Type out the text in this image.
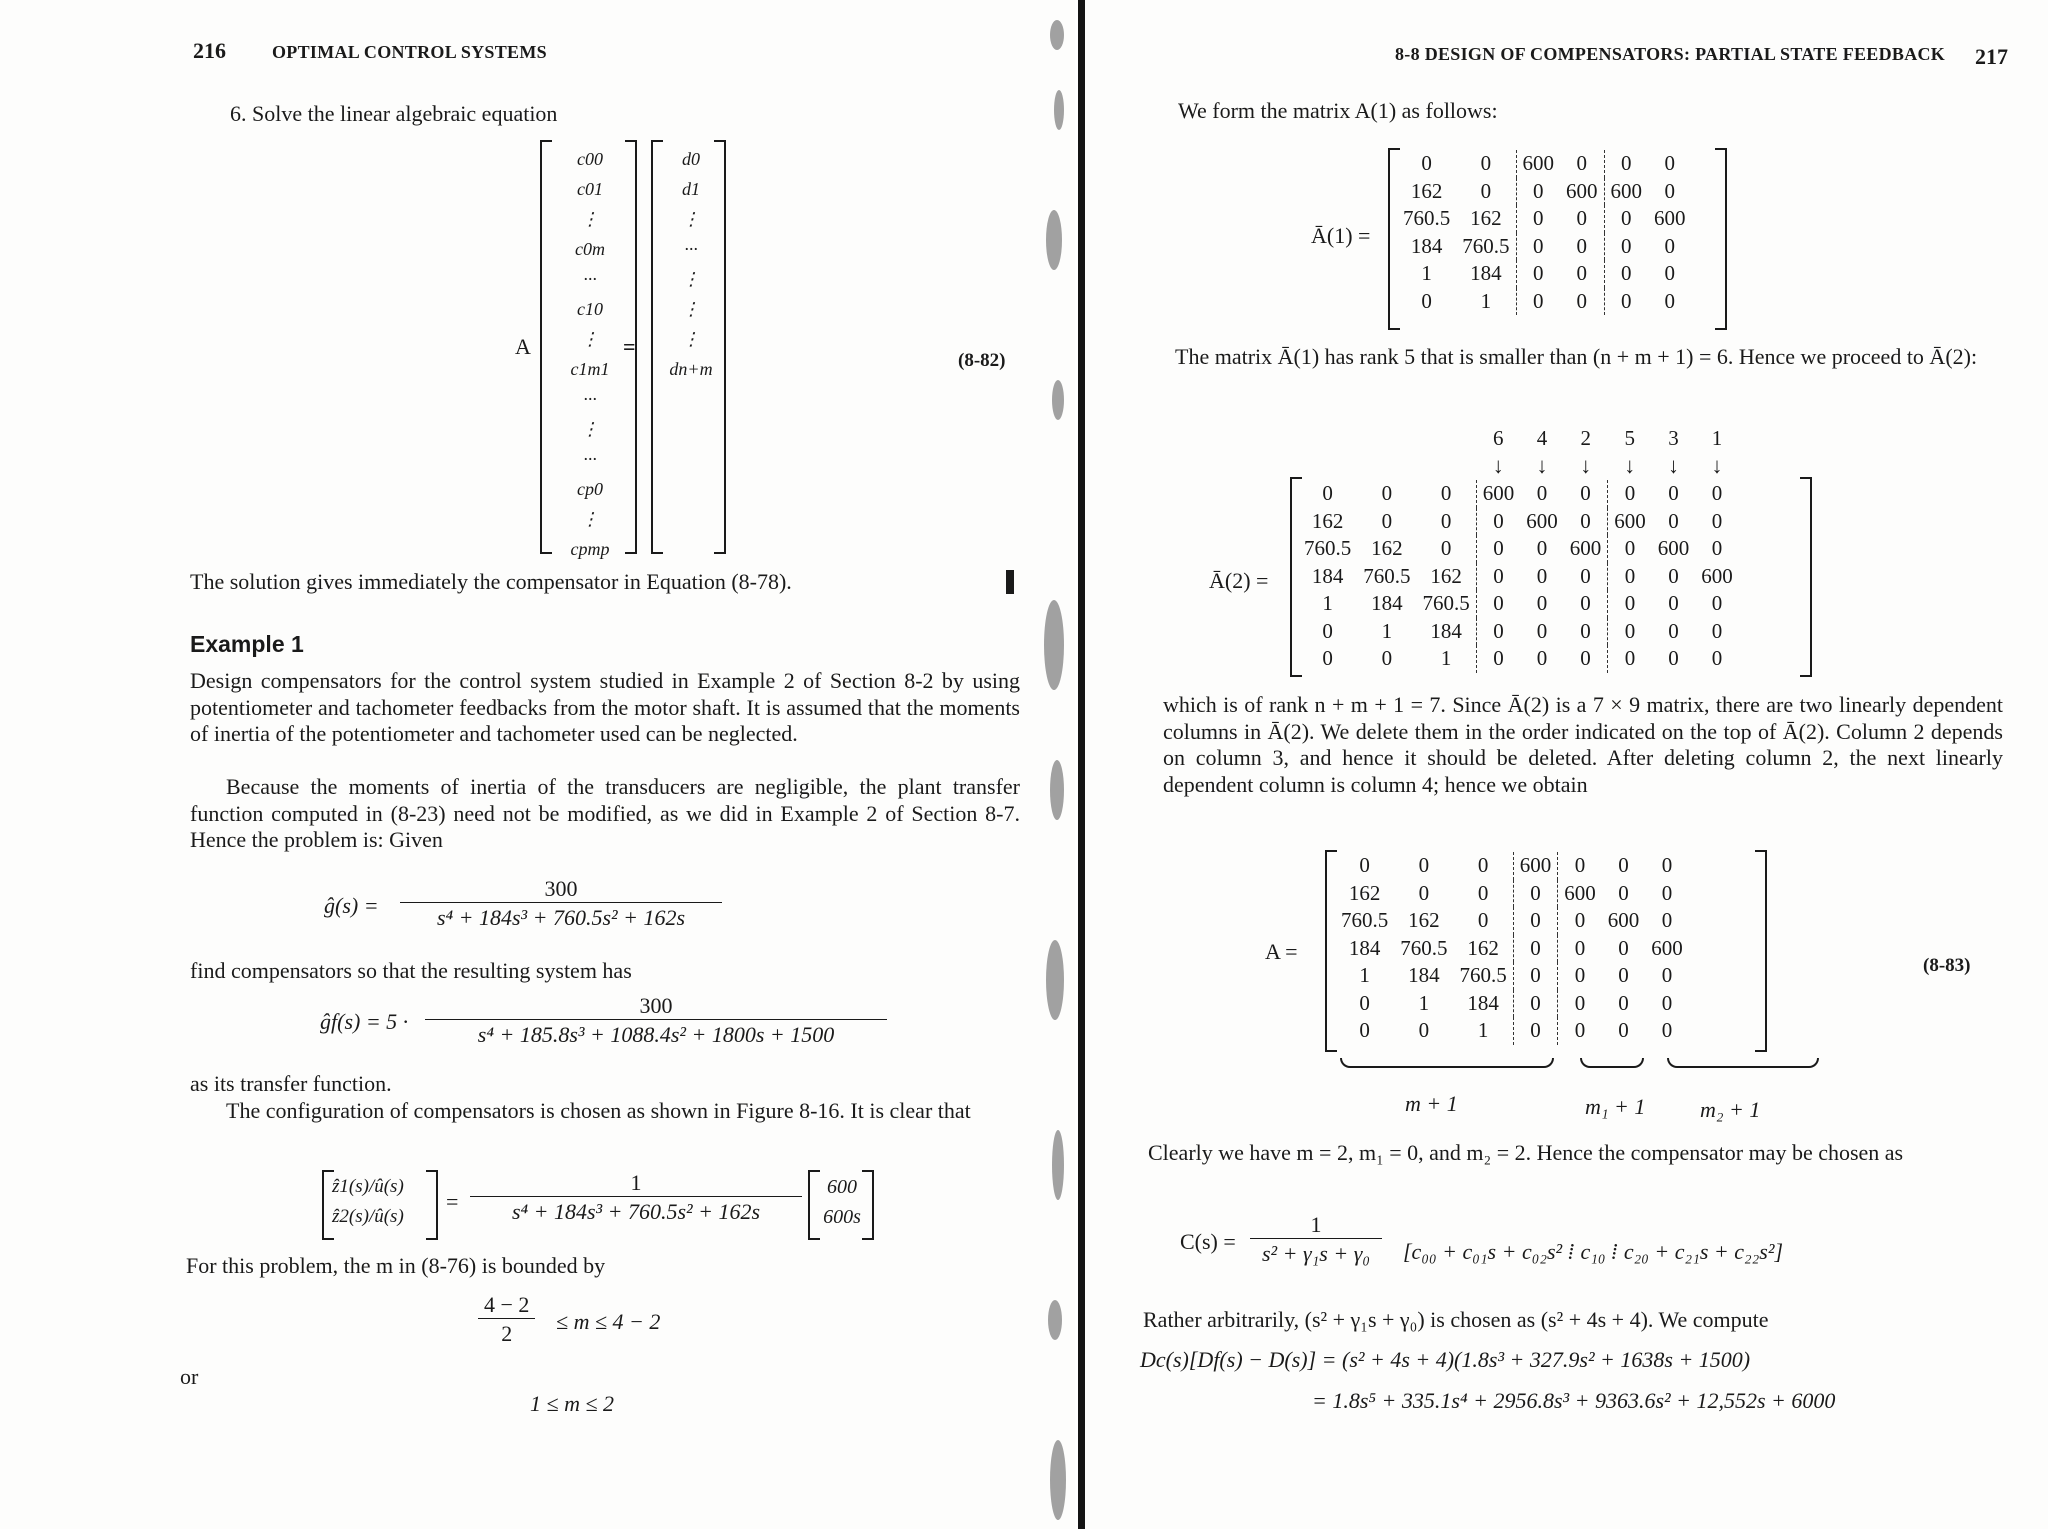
216	OPTIMAL CONTROL SYSTEMS
6. Solve the linear algebraic equation
A
c00
c01
⋮
c0m
···
c10
⋮
c1m1
···
⋮
···
cp0
⋮
cpmp
=
d0
d1
⋮
···
⋮
⋮
⋮
dn+m	(8-82)
The solution gives immediately the compensator in Equation (8-78).
Example 1
Design compensators for the control system studied in Example 2 of Section 8-2 by using potentiometer and tachometer feedbacks from the motor shaft. It is assumed that the moments of inertia of the potentiometer and tachometer used can be neglected.
Because the moments of inertia of the transducers are negligible, the plant transfer function computed in (8-23) need not be modified, as we did in Example 2 of Section 8-7. Hence the problem is: Given
ĝ(s) = $\frac{300}{\text{s⁴ + 184s³ + 760.5s² + 162s}}$
find compensators so that the resulting system has
ĝf(s) = $5 \cdot \frac{300}{\text{s⁴ + 185.8s³ + 1088.4s² + 1800s + 1500}}$
as its transfer function.
The configuration of compensators is chosen as shown in Figure 8-16. It is clear that
ẑ1(s)/û(s)
ẑ2(s)/û(s)
= $\frac{1}{\text{s⁴ + 184s³ + 760.5s² + 162s}}$	600
600s
For this problem, the m in (8-76) is bounded by
$\frac{4 - 2}{2} \le m \le 4 - 2$
or
1 ≤ m ≤ 2
8-8 DESIGN OF COMPENSATORS: PARTIAL STATE FEEDBACK 217
We form the matrix A(1) as follows:
Ā(1) =
0	0	600	0	0	0
162	0	0	600	600	0
760.5	162	0	0	0	600
184	760.5	0	0	0	0
1	184	0	0	0	0
0	1	0	0	0	0
The matrix Ā(1) has rank 5 that is smaller than (n + m + 1) = 6. Hence we proceed to Ā(2):
Ā(2) =
			6	4	2	5	3	1
			↓	↓	↓	↓	↓	↓
0	0	0	600	0	0	0	0	0
162	0	0	0	600	0	600	0	0
760.5	162	0	0	0	600	0	600	0
184	760.5	162	0	0	0	0	0	600
1	184	760.5	0	0	0	0	0	0
0	1	184	0	0	0	0	0	0
0	0	1	0	0	0	0	0	0
which is of rank n + m + 1 = 7. Since Ā(2) is a 7 × 9 matrix, there are two linearly dependent columns in Ā(2). We delete them in the order indicated on the top of Ā(2). Column 2 depends on column 3, and hence it should be deleted. After deleting column 2, the next linearly dependent column is column 4; hence we obtain
A =
0	0	0	600	0	0	0
162	0	0	0	600	0	0
760.5	162	0	0	0	600	0
184	760.5	162	0	0	0	600
1	184	760.5	0	0	0	0
0	1	184	0	0	0	0
0	0	1	0	0	0	0
(8-83)
m + 1	m₁ + 1 m₂ + 1
Clearly we have m = 2, m₁ = 0, and m₂ = 2. Hence the compensator may be chosen as
$C(s) = \frac{1}{\text{s² + γ₁s + γ₀}} [c_{00} + c_{01}s + c_{02}s^2$ ⁞ c₁₀ ⁞ c₂₀ + c₂₁s + c₂₂s²]
Rather arbitrarily, (s² + γ₁s + γ₀) is chosen as (s² + 4s + 4). We compute
Dc(s)[Df(s) − D(s)] = (s² + 4s + 4)(1.8s³ + 327.9s² + 1638s + 1500)
= 1.8s⁵ + 335.1s⁴ + 2956.8s³ + 9363.6s² + 12,552s + 6000
